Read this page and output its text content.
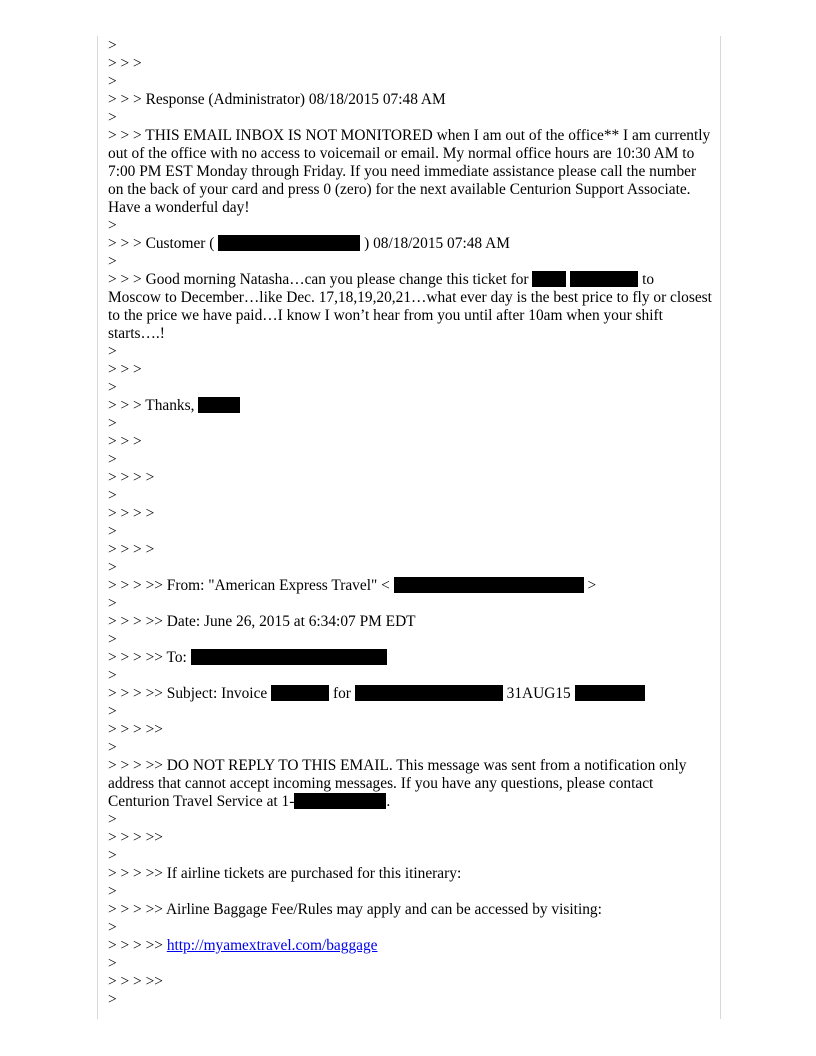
>
> > >
>
> > > Response (Administrator) 08/18/2015 07:48 AM
>
> > > THIS EMAIL INBOX IS NOT MONITORED when I am out of the office** I am currently out of the office with no access to voicemail or email. My normal office hours are 10:30 AM to 7:00 PM EST Monday through Friday. If you need immediate assistance please call the number on the back of your card and press 0 (zero) for the next available Centurion Support Associate. Have a wonderful day!
>
> > > Customer (	) 08/18/2015 07:48 AM
>
> > > Good morning Natasha…can you please change this ticket for	to
Moscow to December…like Dec. 17,18,19,20,21…what ever day is the best price to fly or closest to the price we have paid…I know I won’t hear from you until after 10am when your shift starts….!
>
> > >
>
> > > Thanks,
>
> > >
>
> > > >
>
> > > >
>
> > > >
>
> > > >> From: "American Express Travel" <	>
>
> > > >> Date: June 26, 2015 at 6:34:07 PM EDT
>
> > > >> To:
>
> > > >> Subject: Invoice	for	31AUG15
>
> > > >>
>
> > > >> DO NOT REPLY TO THIS EMAIL. This message was sent from a notification only address that cannot accept incoming messages. If you have any questions, please contact Centurion Travel Service at 1-	.
>
> > > >>
>
> > > >> If airline tickets are purchased for this itinerary:
>
> > > >> Airline Baggage Fee/Rules may apply and can be accessed by visiting:
>
> > > >> http://myamextravel.com/baggage
>
> > > >>
>
